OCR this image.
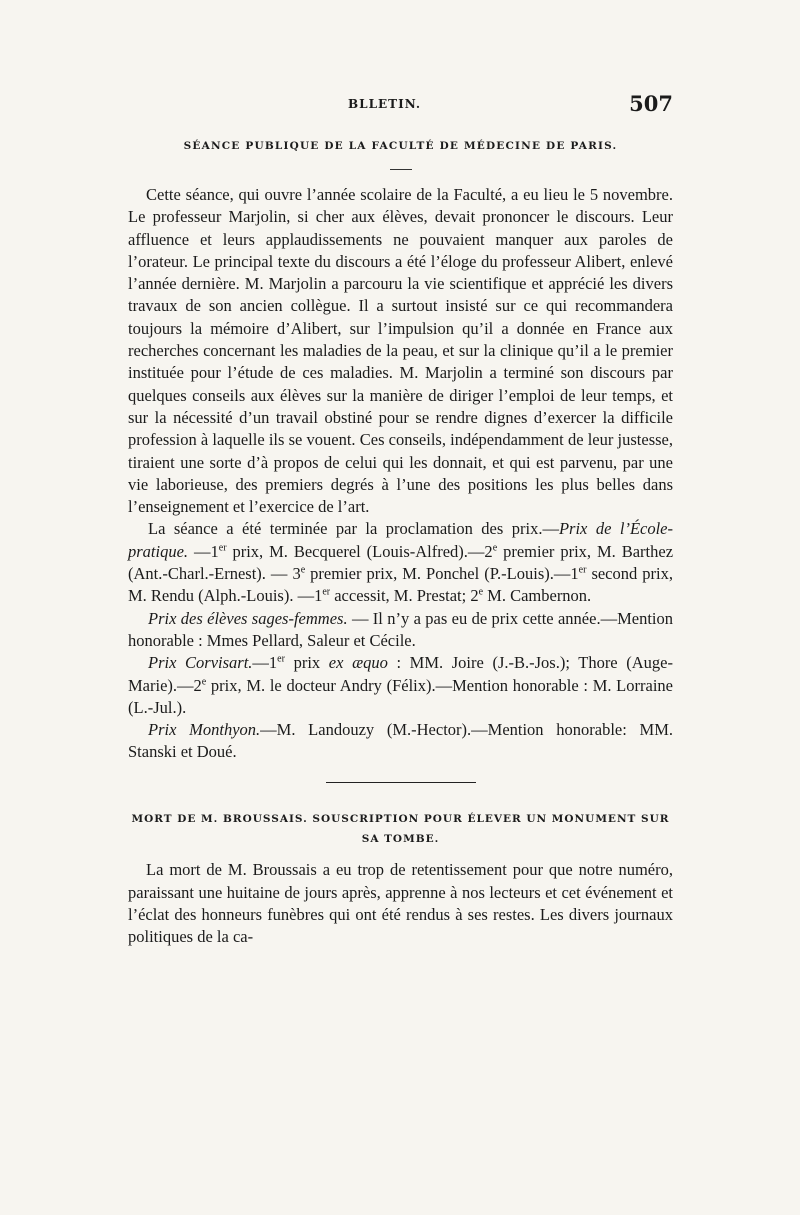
BLLETIN.	507
SÉANCE PUBLIQUE DE LA FACULTÉ DE MÉDECINE DE PARIS.

Cette séance, qui ouvre l’année scolaire de la Faculté, a eu lieu le 5 novembre. Le professeur Marjolin, si cher aux élèves, devait prononcer le discours. Leur affluence et leurs applaudissements ne pouvaient manquer aux paroles de l’orateur. Le principal texte du discours a été l’éloge du professeur Alibert, enlevé l’année dernière. M. Marjolin a parcouru la vie scientifique et apprécié les divers travaux de son ancien collègue. Il a surtout insisté sur ce qui recommandera toujours la mémoire d’Alibert, sur l’impulsion qu’il a donnée en France aux recherches concernant les maladies de la peau, et sur la clinique qu’il a le premier instituée pour l’étude de ces maladies. M. Marjolin a terminé son discours par quelques conseils aux élèves sur la manière de diriger l’emploi de leur temps, et sur la nécessité d’un travail obstiné pour se rendre dignes d’exercer la difficile profession à laquelle ils se vouent. Ces conseils, indépendamment de leur justesse, tiraient une sorte d’à propos de celui qui les donnait, et qui est parvenu, par une vie laborieuse, des premiers degrés à l’une des positions les plus belles dans l’enseignement et l’exercice de l’art.

La séance a été terminée par la proclamation des prix.—Prix de l’École-pratique. —1er prix, M. Becquerel (Louis-Alfred).—2e premier prix, M. Barthez (Ant.-Charl.-Ernest). — 3e premier prix, M. Ponchel (P.-Louis).—1er second prix, M. Rendu (Alph.-Louis). —1er accessit, M. Prestat; 2e M. Cambernon.

Prix des élèves sages-femmes. — Il n’y a pas eu de prix cette année.—Mention honorable : Mmes Pellard, Saleur et Cécile.

Prix Corvisart.—1er prix ex æquo : MM. Joire (J.-B.-Jos.); Thore (Auge-Marie).—2e prix, M. le docteur Andry (Félix).—Mention honorable : M. Lorraine (L.-Jul.).

Prix Monthyon.—M. Landouzy (M.-Hector).—Mention honorable: MM. Stanski et Doué.

MORT DE M. BROUSSAIS. SOUSCRIPTION POUR ÉLEVER UN MONUMENT SUR
SA TOMBE.

La mort de M. Broussais a eu trop de retentissement pour que notre numéro, paraissant une huitaine de jours après, apprenne à nos lecteurs et cet événement et l’éclat des honneurs funèbres qui ont été rendus à ses restes. Les divers journaux politiques de la ca-
